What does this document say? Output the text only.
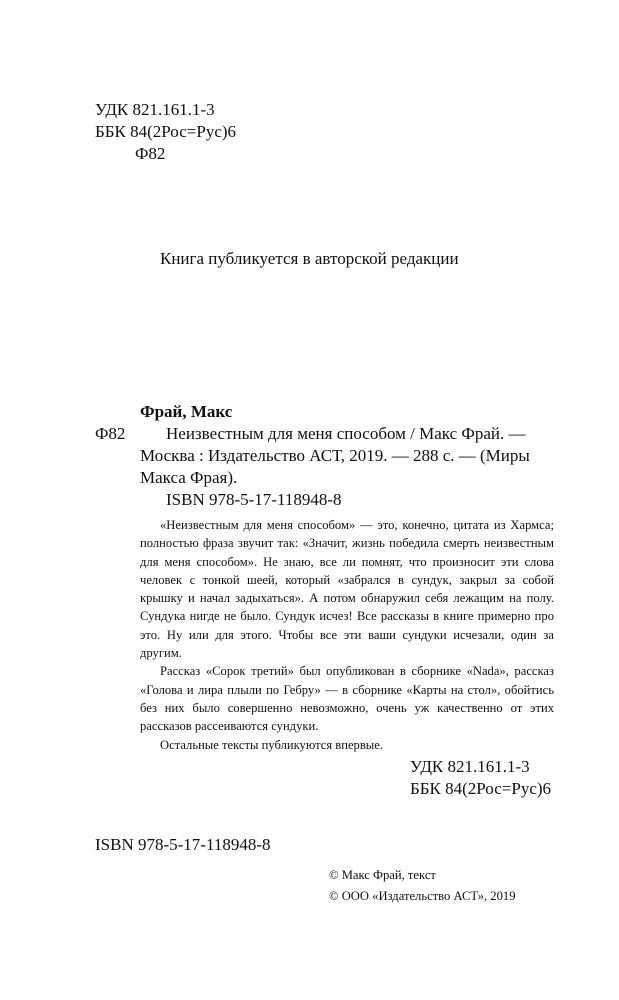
УДК 821.161.1-3
ББК 84(2Рос=Рус)6
Ф82
Книга публикуется в авторской редакции
Фрай, Макс
Ф82 Неизвестным для меня способом / Макс Фрай. —
Москва : Издательство АСТ, 2019. — 288 с. — (Миры
Макса Фрая).
ISBN 978-5-17-118948-8

«Неизвестным для меня способом» — это, конечно, цитата из Хармса; полностью фраза звучит так: «Значит, жизнь победила смерть неизвестным для меня способом». Не знаю, все ли помнят, что произносит эти слова человек с тонкой шеей, который «забрался в сундук, закрыл за собой крышку и начал задыхаться». А потом обнаружил себя лежащим на полу. Сундука нигде не было. Сундук исчез! Все рассказы в книге примерно про это. Ну или для этого. Чтобы все эти ваши сундуки исчезали, один за другим.

Рассказ «Сорок третий» был опубликован в сборнике «Nada», рассказ «Голова и лира плыли по Гебру» — в сборнике «Карты на стол», обойтись без них было совершенно невозможно, очень уж качественно от этих рассказов рассеиваются сундуки.

Остальные тексты публикуются впервые.

УДК 821.161.1-3
ББК 84(2Рос=Рус)6
ISBN 978-5-17-118948-8
© Макс Фрай, текст
© ООО «Издательство АСТ», 2019
